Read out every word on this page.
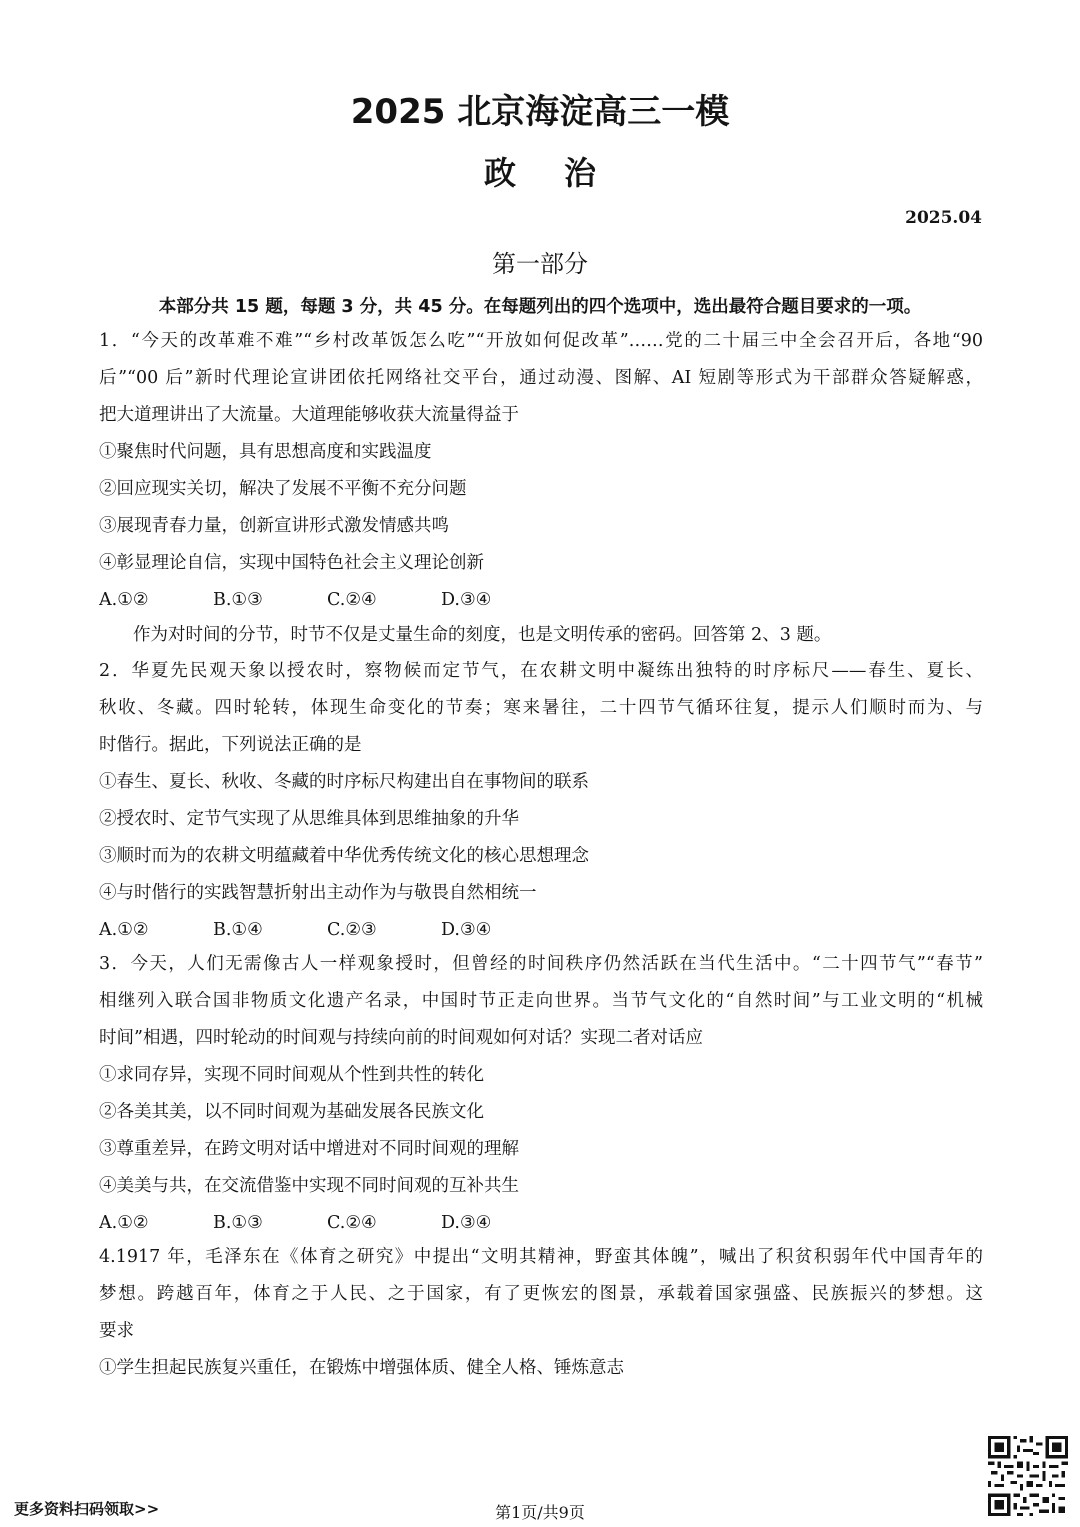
2025 北京海淀高三一模
政治
2025.04
第一部分
本部分共 15 题，每题 3 分，共 45 分。在每题列出的四个选项中，选出最符合题目要求的一项。
1．“今天的改革难不难”“乡村改革饭怎么吃”“开放如何促改革”……党的二十届三中全会召开后，各地“90
后”“00 后”新时代理论宣讲团依托网络社交平台，通过动漫、图解、AI 短剧等形式为干部群众答疑解惑，
把大道理讲出了大流量。大道理能够收获大流量得益于
①聚焦时代问题，具有思想高度和实践温度
②回应现实关切，解决了发展不平衡不充分问题
③展现青春力量，创新宣讲形式激发情感共鸣
④彰显理论自信，实现中国特色社会主义理论创新
A.①②	B.①③	C.②④	D.③④
作为对时间的分节，时节不仅是丈量生命的刻度，也是文明传承的密码。回答第 2、3 题。
2．华夏先民观天象以授农时，察物候而定节气，在农耕文明中凝练出独特的时序标尺——春生、夏长、
秋收、冬藏。四时轮转，体现生命变化的节奏；寒来暑往，二十四节气循环往复，提示人们顺时而为、与
时偕行。据此，下列说法正确的是
①春生、夏长、秋收、冬藏的时序标尺构建出自在事物间的联系
②授农时、定节气实现了从思维具体到思维抽象的升华
③顺时而为的农耕文明蕴藏着中华优秀传统文化的核心思想理念
④与时偕行的实践智慧折射出主动作为与敬畏自然相统一
A.①②	B.①④	C.②③	D.③④
3．今天，人们无需像古人一样观象授时，但曾经的时间秩序仍然活跃在当代生活中。“二十四节气”“春节”
相继列入联合国非物质文化遗产名录，中国时节正走向世界。当节气文化的“自然时间”与工业文明的“机械
时间”相遇，四时轮动的时间观与持续向前的时间观如何对话？实现二者对话应
①求同存异，实现不同时间观从个性到共性的转化
②各美其美，以不同时间观为基础发展各民族文化
③尊重差异，在跨文明对话中增进对不同时间观的理解
④美美与共，在交流借鉴中实现不同时间观的互补共生
A.①②	B.①③	C.②④	D.③④
4.1917 年，毛泽东在《体育之研究》中提出“文明其精神，野蛮其体魄”，喊出了积贫积弱年代中国青年的
梦想。跨越百年，体育之于人民、之于国家，有了更恢宏的图景，承载着国家强盛、民族振兴的梦想。这
要求
①学生担起民族复兴重任，在锻炼中增强体质、健全人格、锤炼意志
更多资料扫码领取>>	第1页/共9页
